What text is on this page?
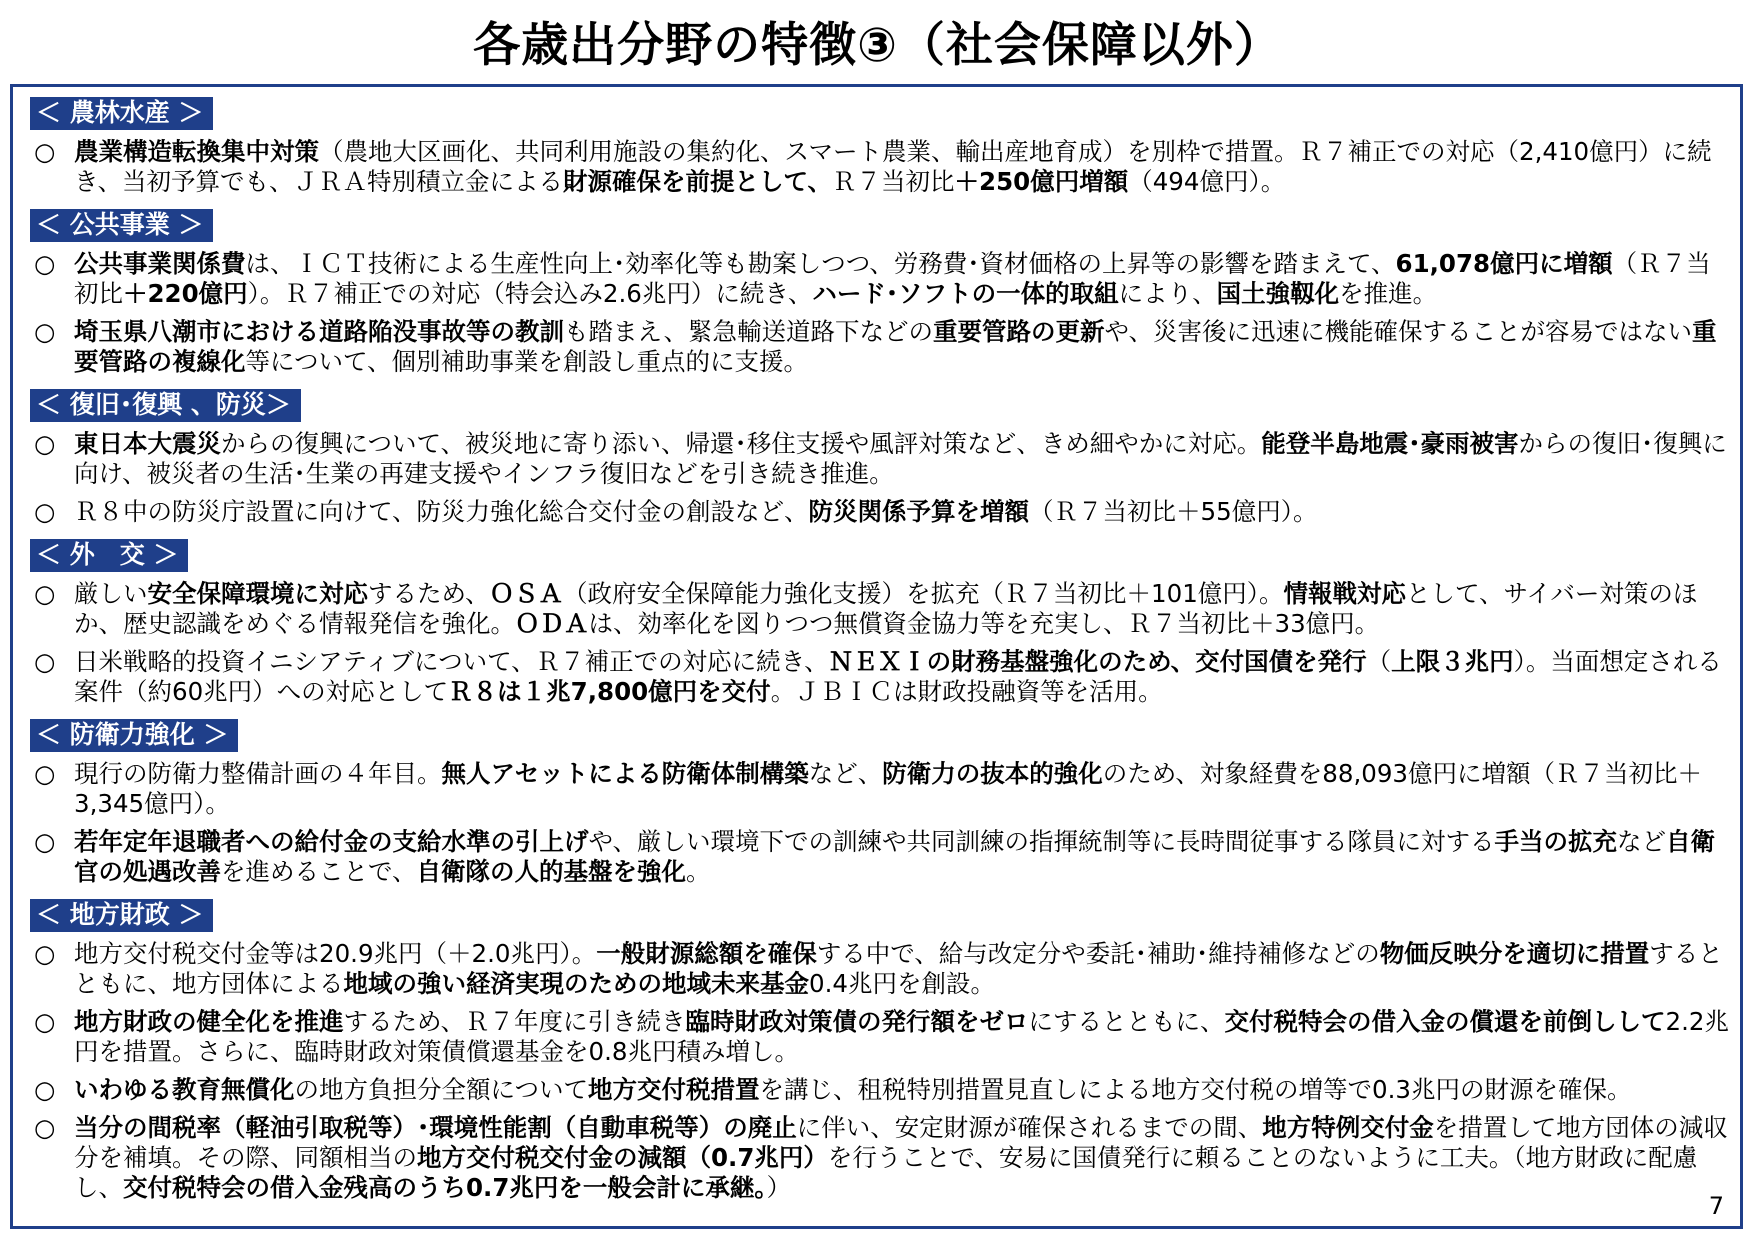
各歳出分野の特徴③（社会保障以外）
＜ 農林水産 ＞
○ 農業構造転換集中対策（農地大区画化、共同利用施設の集約化、スマート農業、輸出産地育成）を別枠で措置。Ｒ７補正での対応（2,410億円）に続き、当初予算でも、ＪＲＡ特別積立金による財源確保を前提として、Ｒ７当初比＋250億円増額（494億円）。
＜ 公共事業 ＞
○ 公共事業関係費は、ＩＣＴ技術による生産性向上･効率化等も勘案しつつ、労務費･資材価格の上昇等の影響を踏まえて、61,078億円に増額（Ｒ７当初比＋220億円）。Ｒ７補正での対応（特会込み2.6兆円）に続き、ハード･ソフトの一体的取組により、国土強靱化を推進。
○ 埼玉県八潮市における道路陥没事故等の教訓も踏まえ、緊急輸送道路下などの重要管路の更新や、災害後に迅速に機能確保することが容易ではない重要管路の複線化等について、個別補助事業を創設し重点的に支援。
＜ 復旧･復興 、防災＞
○ 東日本大震災からの復興について、被災地に寄り添い、帰還･移住支援や風評対策など、きめ細やかに対応。能登半島地震･豪雨被害からの復旧･復興に向け、被災者の生活･生業の再建支援やインフラ復旧などを引き続き推進。
○ Ｒ８中の防災庁設置に向けて、防災力強化総合交付金の創設など、防災関係予算を増額（Ｒ７当初比＋55億円）。
＜ 外　交 ＞
○ 厳しい安全保障環境に対応するため、ＯＳＡ（政府安全保障能力強化支援）を拡充（Ｒ７当初比＋101億円）。情報戦対応として、サイバー対策のほか、歴史認識をめぐる情報発信を強化。ＯＤＡは、効率化を図りつつ無償資金協力等を充実し、Ｒ７当初比＋33億円。
○ 日米戦略的投資イニシアティブについて、Ｒ７補正での対応に続き、ＮＥＸＩの財務基盤強化のため、交付国債を発行（上限３兆円）。当面想定される案件（約60兆円）への対応としてＲ８は１兆7,800億円を交付。ＪＢＩＣは財政投融資等を活用。
＜ 防衛力強化 ＞
○ 現行の防衛力整備計画の４年目。無人アセットによる防衛体制構築など、防衛力の抜本的強化のため、対象経費を88,093億円に増額（Ｒ７当初比＋3,345億円）。
○ 若年定年退職者への給付金の支給水準の引上げや、厳しい環境下での訓練や共同訓練の指揮統制等に長時間従事する隊員に対する手当の拡充など自衛官の処遇改善を進めることで、自衛隊の人的基盤を強化。
＜ 地方財政 ＞
○ 地方交付税交付金等は20.9兆円（＋2.0兆円）。一般財源総額を確保する中で、給与改定分や委託･補助･維持補修などの物価反映分を適切に措置するとともに、地方団体による地域の強い経済実現のための地域未来基金0.4兆円を創設。
○ 地方財政の健全化を推進するため、Ｒ７年度に引き続き臨時財政対策債の発行額をゼロにするとともに、交付税特会の借入金の償還を前倒しして2.2兆円を措置。さらに、臨時財政対策債償還基金を0.8兆円積み増し。
○ いわゆる教育無償化の地方負担分全額について地方交付税措置を講じ、租税特別措置見直しによる地方交付税の増等で0.3兆円の財源を確保。
○ 当分の間税率（軽油引取税等）･環境性能割（自動車税等）の廃止に伴い、安定財源が確保されるまでの間、地方特例交付金を措置して地方団体の減収分を補填。その際、同額相当の地方交付税交付金の減額（0.7兆円）を行うことで、安易に国債発行に頼ることのないように工夫。（地方財政に配慮し、交付税特会の借入金残高のうち0.7兆円を一般会計に承継。）
7
